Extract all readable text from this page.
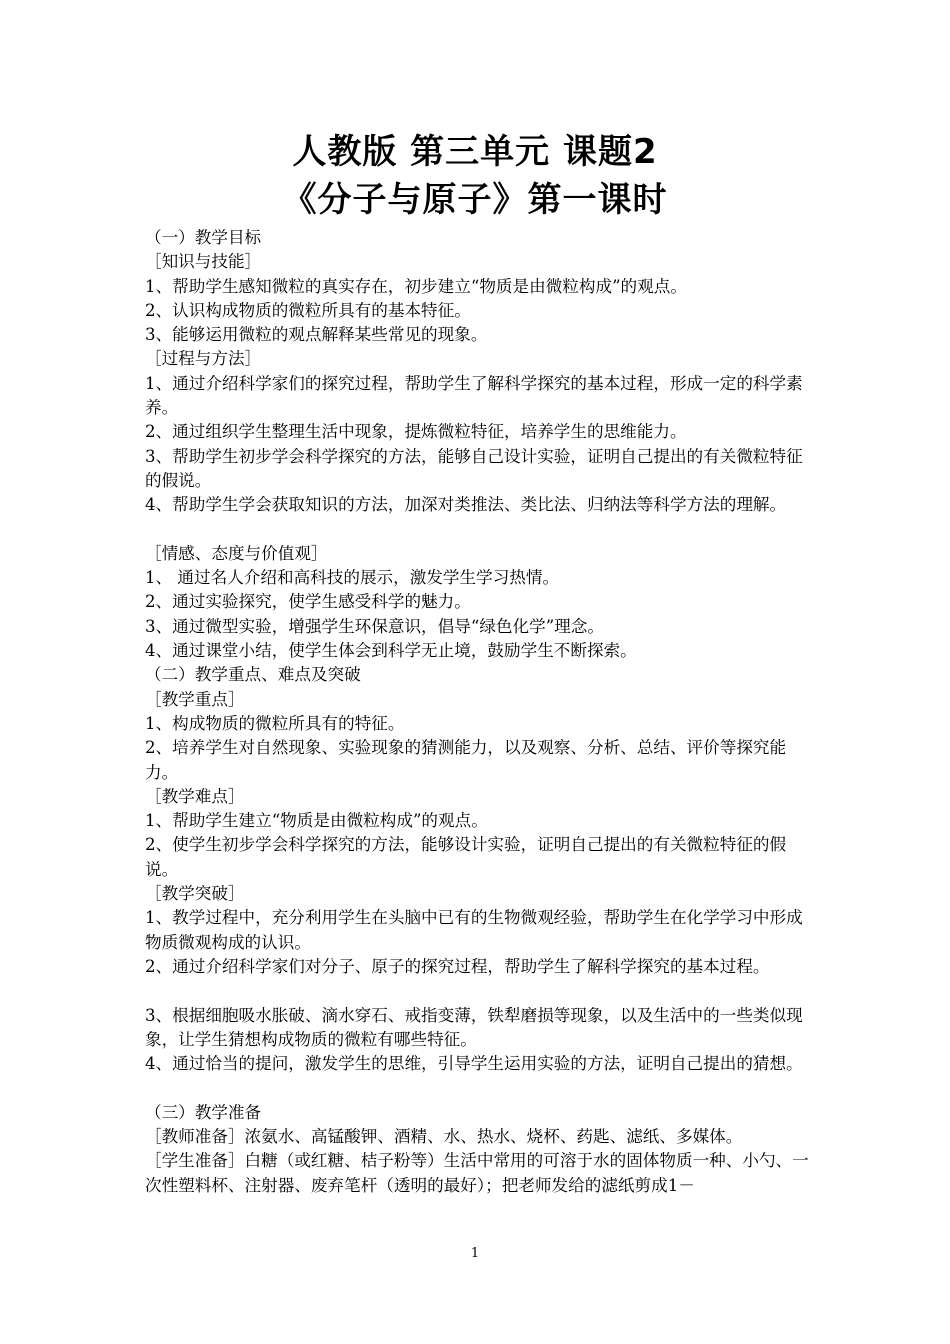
人教版 第三单元 课题2
《分子与原子》第一课时
（一）教学目标
［知识与技能］
1、帮助学生感知微粒的真实存在，初步建立“物质是由微粒构成”的观点。
2、认识构成物质的微粒所具有的基本特征。
3、能够运用微粒的观点解释某些常见的现象。
［过程与方法］
1、通过介绍科学家们的探究过程，帮助学生了解科学探究的基本过程，形成一定的科学素养。
2、通过组织学生整理生活中现象，提炼微粒特征，培养学生的思维能力。
3、帮助学生初步学会科学探究的方法，能够自己设计实验，证明自己提出的有关微粒特征的假说。
4、帮助学生学会获取知识的方法，加深对类推法、类比法、归纳法等科学方法的理解。
［情感、态度与价值观］
1、 通过名人介绍和高科技的展示，激发学生学习热情。
2、通过实验探究，使学生感受科学的魅力。
3、通过微型实验，增强学生环保意识，倡导“绿色化学”理念。
4、通过课堂小结，使学生体会到科学无止境，鼓励学生不断探索。
（二）教学重点、难点及突破
［教学重点］
1、构成物质的微粒所具有的特征。
2、培养学生对自然现象、实验现象的猜测能力，以及观察、分析、总结、评价等探究能力。
［教学难点］
1、帮助学生建立“物质是由微粒构成”的观点。
2、使学生初步学会科学探究的方法，能够设计实验，证明自己提出的有关微粒特征的假说。
［教学突破］
1、教学过程中，充分利用学生在头脑中已有的生物微观经验，帮助学生在化学学习中形成物质微观构成的认识。
2、通过介绍科学家们对分子、原子的探究过程，帮助学生了解科学探究的基本过程。
3、根据细胞吸水胀破、滴水穿石、戒指变薄，铁犁磨损等现象，以及生活中的一些类似现象，让学生猜想构成物质的微粒有哪些特征。
4、通过恰当的提问，激发学生的思维，引导学生运用实验的方法，证明自己提出的猜想。
（三）教学准备
［教师准备］浓氨水、高锰酸钾、酒精、水、热水、烧杯、药匙、滤纸、多媒体。
［学生准备］白糖（或红糖、桔子粉等）生活中常用的可溶于水的固体物质一种、小勺、一次性塑料杯、注射器、废弃笔杆（透明的最好）；把老师发给的滤纸剪成1－
1
